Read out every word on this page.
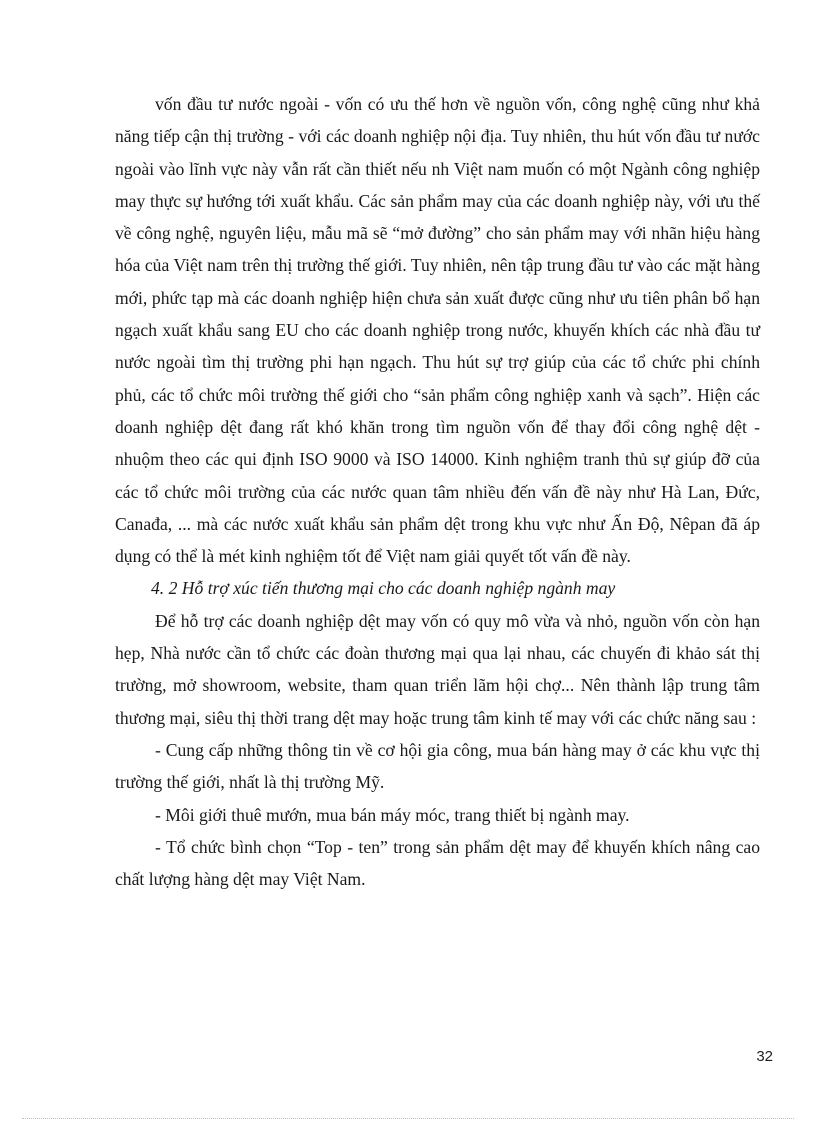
vốn đầu tư nước ngoài - vốn có ưu thế hơn về nguồn vốn, công nghệ cũng như khả năng tiếp cận thị trường - với các doanh nghiệp nội địa. Tuy nhiên, thu hút vốn đầu tư nước ngoài vào lĩnh vực này vẫn rất cần thiết nếu nh Việt nam muốn có một Ngành công nghiệp may thực sự hướng tới xuất khẩu. Các sản phẩm may của các doanh nghiệp này, với ưu thế về công nghệ, nguyên liệu, mẫu mã sẽ “mở đường” cho sản phẩm may với nhãn hiệu hàng hóa của Việt nam trên thị trường thế giới. Tuy nhiên, nên tập trung đầu tư vào các mặt hàng mới, phức tạp mà các doanh nghiệp hiện chưa sản xuất được cũng như ưu tiên phân bổ hạn ngạch xuất khẩu sang EU cho các doanh nghiệp trong nước, khuyến khích các nhà đầu tư nước ngoài tìm thị trường phi hạn ngạch. Thu hút sự trợ giúp của các tổ chức phi chính phủ, các tổ chức môi trường thế giới cho “sản phẩm công nghiệp xanh và sạch”. Hiện các doanh nghiệp dệt đang rất khó khăn trong tìm nguồn vốn để thay đổi công nghệ dệt - nhuộm theo các qui định ISO 9000 và ISO 14000. Kinh nghiệm tranh thủ sự giúp đỡ của các tổ chức môi trường của các nước quan tâm nhiều đến vấn đề này như Hà Lan, Đức, Canađa, ... mà các nước xuất khẩu sản phẩm dệt trong khu vực như Ấn Độ, Nêpan đã áp dụng có thể là mét kinh nghiệm tốt để Việt nam giải quyết tốt vấn đề này.

4. 2 Hỗ trợ xúc tiến thương mại cho các doanh nghiệp ngành may

Để hỗ trợ các doanh nghiệp dệt may vốn có quy mô vừa và nhỏ, nguồn vốn còn hạn hẹp, Nhà nước cần tổ chức các đoàn thương mại qua lại nhau, các chuyến đi khảo sát thị trường, mở showroom, website, tham quan triển lãm hội chợ... Nên thành lập trung tâm thương mại, siêu thị thời trang dệt may hoặc trung tâm kinh tế may với các chức năng sau :

- Cung cấp những thông tin về cơ hội gia công, mua bán hàng may ở các khu vực thị trường thế giới, nhất là thị trường Mỹ.

- Môi giới thuê mướn, mua bán máy móc, trang thiết bị ngành may.

- Tổ chức bình chọn “Top - ten” trong sản phẩm dệt may để khuyến khích nâng cao chất lượng hàng dệt may Việt Nam.

32
